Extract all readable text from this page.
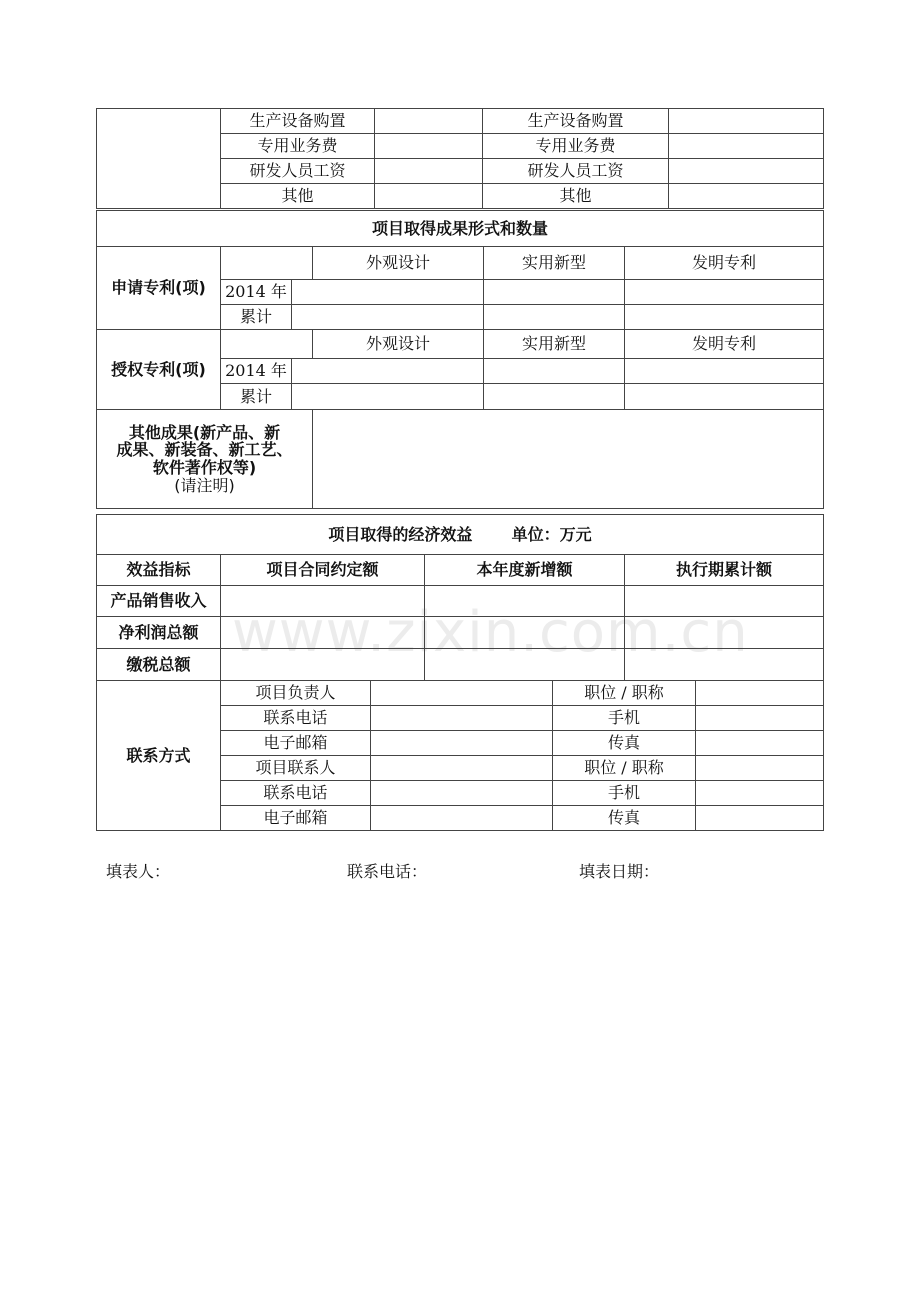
www.zixin.com.cn
	生产设备购置		生产设备购置	
	专用业务费		专用业务费	
	研发人员工资		研发人员工资	
	其他		其他	
项目取得成果形式和数量					
申请专利(项)			外观设计	实用新型	发明专利
	2014 年				
	累计				
授权专利(项)			外观设计	实用新型	发明专利
	2014 年				
	累计				

其他成果(新产品、新
成果、新装备、新工艺、
软件著作权等)
(请注明)					

项目取得的经济效益 单位：万元			
效益指标	项目合同约定额	本年度新增额	执行期累计额
产品销售收入			
净利润总额			
缴税总额			
联系方式	项目负责人		职位 / 职称	
	联系电话		手机	
	电子邮箱		传真	
	项目联系人		职位 / 职称	
	联系电话		手机	
	电子邮箱		传真	
填表人：	联系电话：	填表日期：
